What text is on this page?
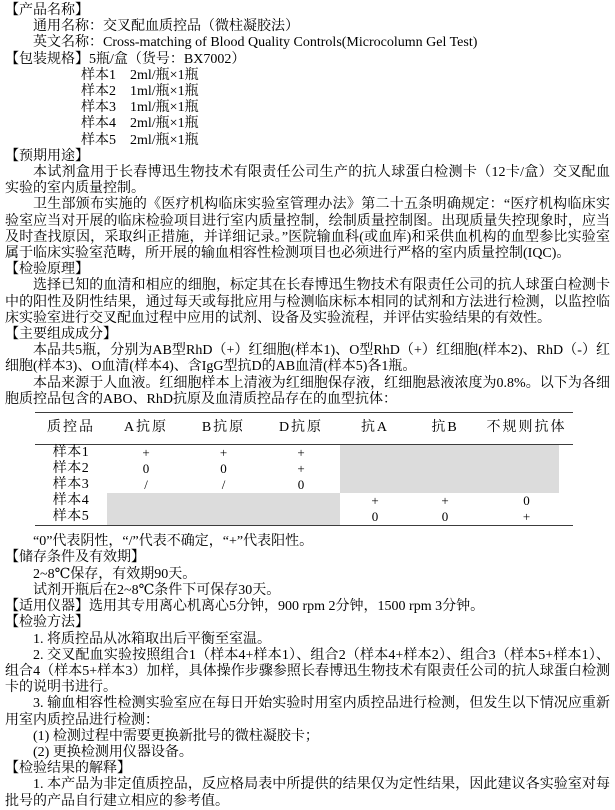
【产品名称】
通用名称：交叉配血质控品（微柱凝胶法）
英文名称：Cross-matching of Blood Quality Controls(Microcolumn Gel Test)
【包装规格】5瓶/盒（货号：BX7002）
样本1 2ml/瓶×1瓶
样本2 1ml/瓶×1瓶
样本3 1ml/瓶×1瓶
样本4 2ml/瓶×1瓶
样本5 2ml/瓶×1瓶
【预期用途】

本试剂盒用于长春博迅生物技术有限责任公司生产的抗人球蛋白检测卡（12卡/盒）交叉配血实验的室内质量控制。

卫生部颁布实施的《医疗机构临床实验室管理办法》第二十五条明确规定：“医疗机构临床实验室应当对开展的临床检验项目进行室内质量控制，绘制质量控制图。出现质量失控现象时，应当及时查找原因，采取纠正措施，并详细记录。”医院输血科(或血库)和采供血机构的血型参比实验室属于临床实验室范畴，所开展的输血相容性检测项目也必须进行严格的室内质量控制(IQC)。

【检验原理】

选择已知的血清和相应的细胞，标定其在长春博迅生物技术有限责任公司的抗人球蛋白检测卡中的阳性及阴性结果，通过每天或每批应用与检测临床标本相同的试剂和方法进行检测，以监控临床实验室进行交叉配血过程中应用的试剂、设备及实验流程，并评估实验结果的有效性。

【主要组成成分】

本品共5瓶，分别为AB型RhD（+）红细胞(样本1)、O型RhD（+）红细胞(样本2)、RhD（-）红细胞(样本3)、O血清(样本4)、含IgG型抗D的AB血清(样本5)各1瓶。

本品来源于人血液。红细胞样本上清液为红细胞保存液，红细胞悬液浓度为0.8%。以下为各细胞质控品包含的ABO、RhD抗原及血清质控品存在的血型抗体：

质控品	A抗原	B抗原	D抗原	抗A	抗B	不规则抗体
样本1	+	+	+			
样本2	0	0	+			
样本3	/	/	0			
样本4				+	+	0
样本5				0	0	+
“0”代表阴性，“/”代表不确定，“+”代表阳性。
【储存条件及有效期】
2~8℃保存，有效期90天。
试剂开瓶后在2~8℃条件下可保存30天。
【适用仪器】选用其专用离心机离心5分钟，900 rpm 2分钟，1500 rpm 3分钟。
【检验方法】

1. 将质控品从冰箱取出后平衡至室温。

2. 交叉配血实验按照组合1（样本4+样本1）、组合2（样本4+样本2）、组合3（样本5+样本1）、组合4（样本5+样本3）加样，具体操作步骤参照长春博迅生物技术有限责任公司的抗人球蛋白检测卡的说明书进行。

3. 输血相容性检测实验室应在每日开始实验时用室内质控品进行检测，但发生以下情况应重新用室内质控品进行检测：

(1) 检测过程中需要更换新批号的微柱凝胶卡；
(2) 更换检测用仪器设备。
【检验结果的解释】

1. 本产品为非定值质控品，反应格局表中所提供的结果仅为定性结果，因此建议各实验室对每批号的产品自行建立相应的参考值。
